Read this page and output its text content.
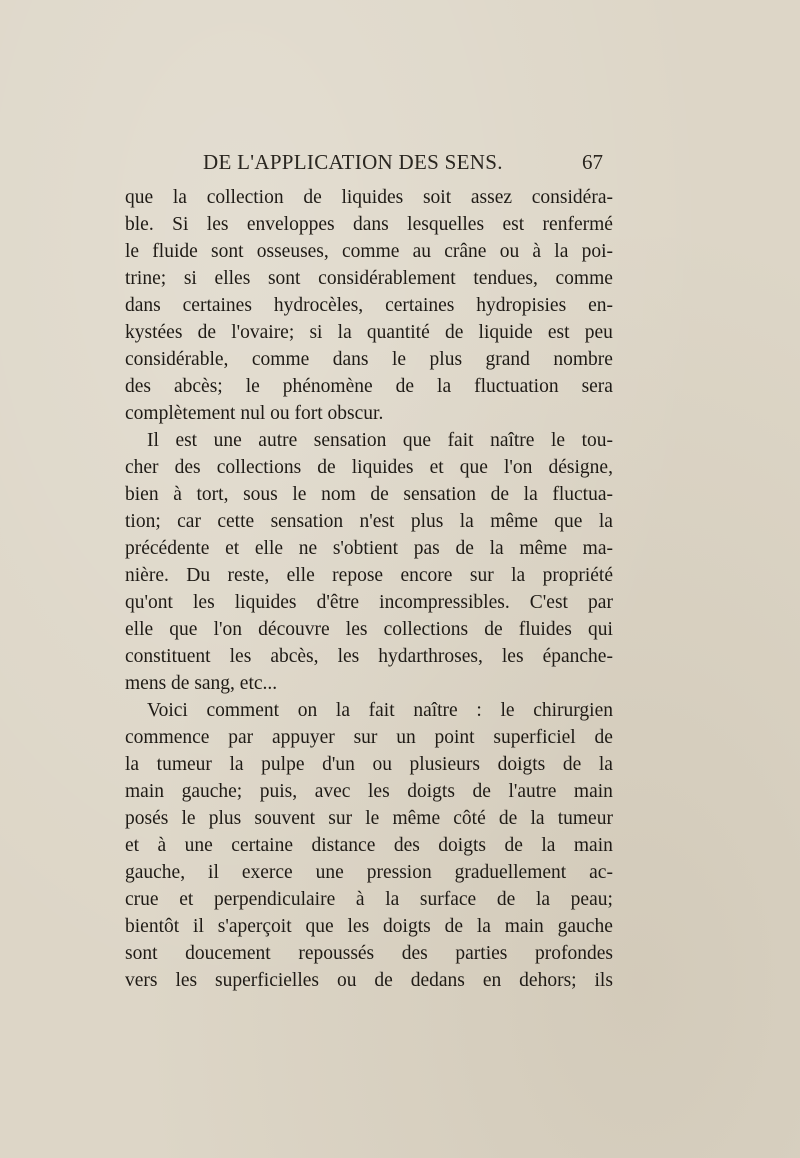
DE L'APPLICATION DES SENS.	67
que la collection de liquides soit assez considéra-
ble. Si les enveloppes dans lesquelles est renfermé
le fluide sont osseuses, comme au crâne ou à la poi-
trine; si elles sont considérablement tendues, comme
dans certaines hydrocèles, certaines hydropisies en-
kystées de l'ovaire; si la quantité de liquide est peu
considérable, comme dans le plus grand nombre
des abcès; le phénomène de la fluctuation sera
complètement nul ou fort obscur.
Il est une autre sensation que fait naître le tou-
cher des collections de liquides et que l'on désigne,
bien à tort, sous le nom de sensation de la fluctua-
tion; car cette sensation n'est plus la même que la
précédente et elle ne s'obtient pas de la même ma-
nière. Du reste, elle repose encore sur la propriété
qu'ont les liquides d'être incompressibles. C'est par
elle que l'on découvre les collections de fluides qui
constituent les abcès, les hydarthroses, les épanche-
mens de sang, etc...
Voici comment on la fait naître : le chirurgien
commence par appuyer sur un point superficiel de
la tumeur la pulpe d'un ou plusieurs doigts de la
main gauche; puis, avec les doigts de l'autre main
posés le plus souvent sur le même côté de la tumeur
et à une certaine distance des doigts de la main
gauche, il exerce une pression graduellement ac-
crue et perpendiculaire à la surface de la peau;
bientôt il s'aperçoit que les doigts de la main gauche
sont doucement repoussés des parties profondes
vers les superficielles ou de dedans en dehors; ils
